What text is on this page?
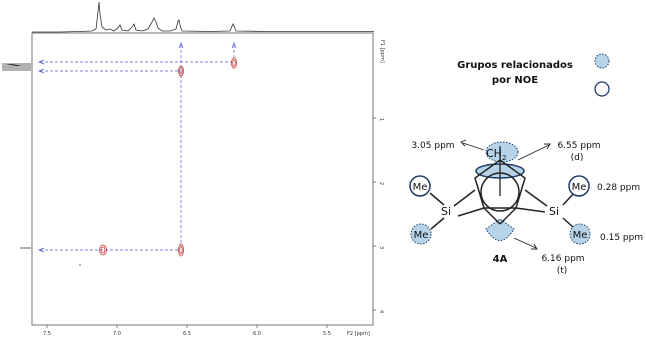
F1 [ppm]
1
2
3
4
7.5	7.0	6.5	6.0	5.5	F2 [ppm]
Grupos relacionados
por NOE
$CH_2$
Si
Me
Me
Si
Me
Me
4A
3.05 ppm	6.55 ppm
(d)
0.28 ppm
0.15 ppm
6.16 ppm
(t)
